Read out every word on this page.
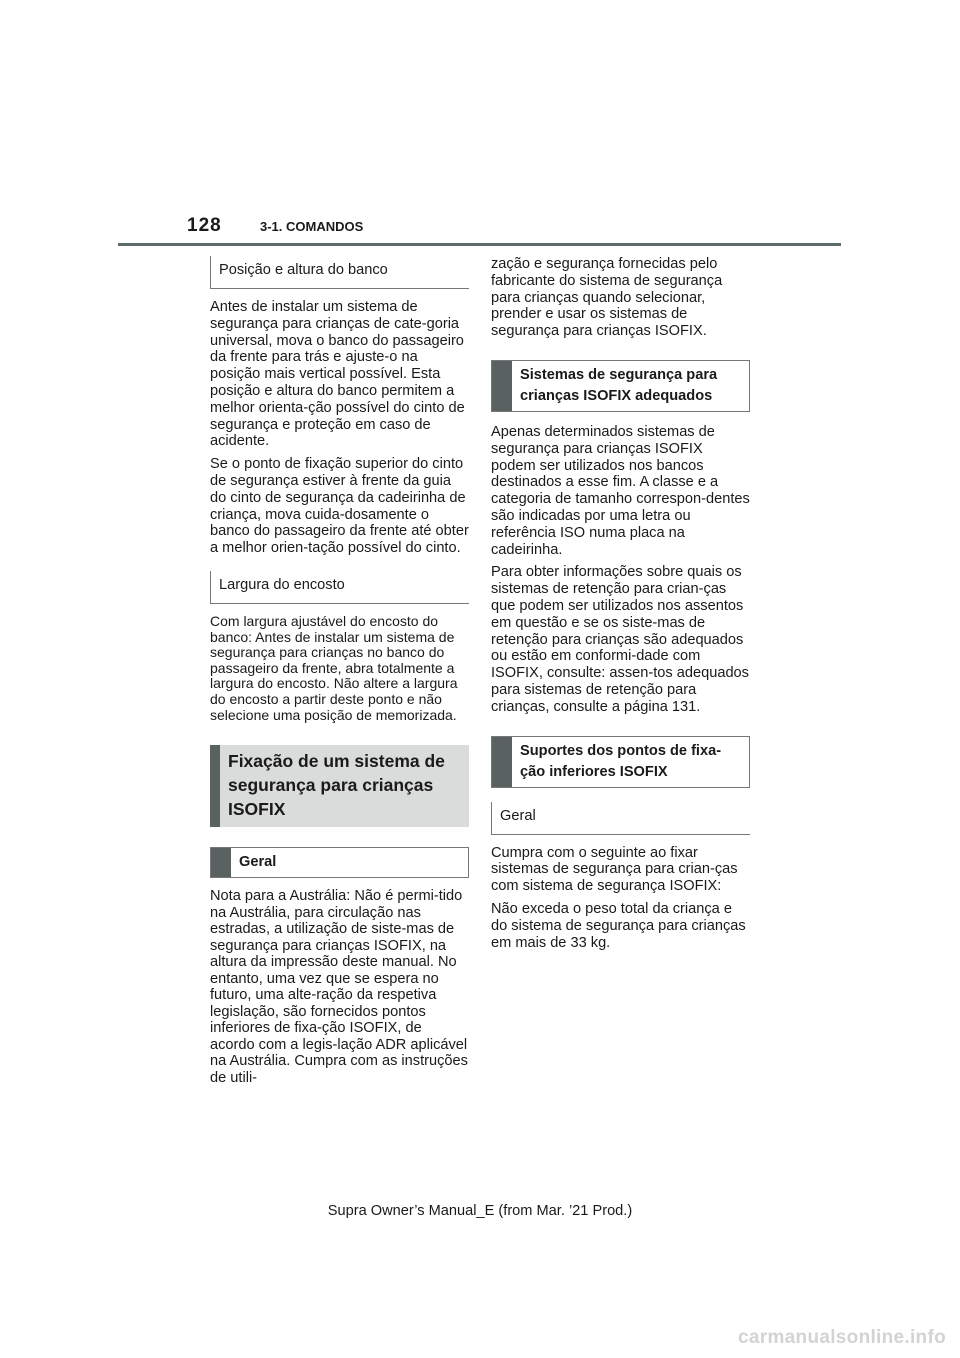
128	3-1. COMANDOS
Posição e altura do banco

Antes de instalar um sistema de segurança para crianças de cate-goria universal, mova o banco do passageiro da frente para trás e ajuste-o na posição mais vertical possível. Esta posição e altura do banco permitem a melhor orienta-ção possível do cinto de segurança e proteção em caso de acidente.

Se o ponto de fixação superior do cinto de segurança estiver à frente da guia do cinto de segurança da cadeirinha de criança, mova cuida-dosamente o banco do passageiro da frente até obter a melhor orien-tação possível do cinto.

Largura do encosto

Com largura ajustável do encosto do banco: Antes de instalar um sistema de segurança para crianças no banco do passageiro da frente, abra totalmente a largura do encosto. Não altere a largura do encosto a partir deste ponto e não selecione uma posição de memorizada.

Fixação de um sistema de segurança para crianças ISOFIX
Geral

Nota para a Austrália: Não é permi-tido na Austrália, para circulação nas estradas, a utilização de siste-mas de segurança para crianças ISOFIX, na altura da impressão deste manual. No entanto, uma vez que se espera no futuro, uma alte-ração da respetiva legislação, são fornecidos pontos inferiores de fixa-ção ISOFIX, de acordo com a legis-lação ADR aplicável na Austrália. Cumpra com as instruções de utili-

zação e segurança fornecidas pelo fabricante do sistema de segurança para crianças quando selecionar, prender e usar os sistemas de segurança para crianças ISOFIX.

Sistemas de segurança para crianças ISOFIX adequados

Apenas determinados sistemas de segurança para crianças ISOFIX podem ser utilizados nos bancos destinados a esse fim. A classe e a categoria de tamanho correspon-dentes são indicadas por uma letra ou referência ISO numa placa na cadeirinha.

Para obter informações sobre quais os sistemas de retenção para crian-ças que podem ser utilizados nos assentos em questão e se os siste-mas de retenção para crianças são adequados ou estão em conformi-dade com ISOFIX, consulte: assen-tos adequados para sistemas de retenção para crianças, consulte a página 131.

Suportes dos pontos de fixa-ção inferiores ISOFIX
Geral

Cumpra com o seguinte ao fixar sistemas de segurança para crian-ças com sistema de segurança ISOFIX:

Não exceda o peso total da criança e do sistema de segurança para crianças em mais de 33 kg.

Supra Owner’s Manual_E (from Mar. ’21 Prod.)
carmanualsonline.info
